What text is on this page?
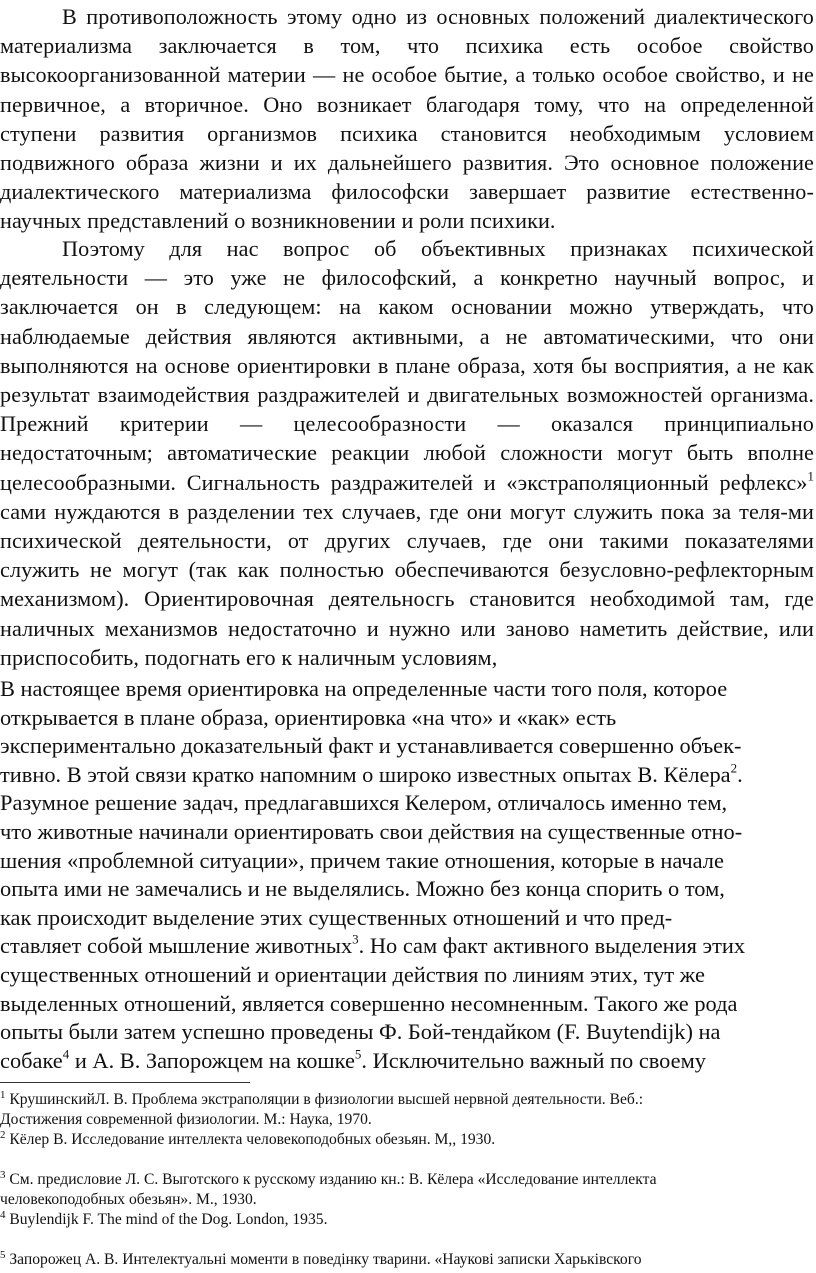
В противоположность этому одно из основных положений диалектического материализма заключается в том, что психика есть особое свойство высокоорганизованной материи — не особое бытие, а только особое свойство, и не первичное, а вторичное. Оно возникает благодаря тому, что на определенной ступени развития организмов психика становится необходимым условием подвижного образа жизни и их дальнейшего развития. Это основное положение диалектического материализма философски завершает развитие естественно-научных представлений о возникновении и роли психики.

Поэтому для нас вопрос об объективных признаках психической деятельности — это уже не философский, а конкретно научный вопрос, и заключается он в следующем: на каком основании можно утверждать, что наблюдаемые действия являются активными, а не автоматическими, что они выполняются на основе ориентировки в плане образа, хотя бы восприятия, а не как результат взаимодействия раздражителей и двигательных возможностей организма. Прежний критерии — целесообразности — оказался принципиально недостаточным; автоматические реакции любой сложности могут быть вполне целесообразными. Сигнальность раздражителей и «экстраполяционный рефлекс»$^1$ сами нуждаются в разделении тех случаев, где они могут служить пока за теля-ми психической деятельности, от других случаев, где они такими показателями служить не могут (так как полностью обеспечиваются безусловно-рефлекторным механизмом). Ориентировочная деятельносгь становится необходимой там, где наличных механизмов недостаточно и нужно или заново наметить действие, или приспособить, подогнать его к наличным условиям,

В настоящее время ориентировка на определенные части того поля, которое
открывается в плане образа, ориентировка «на что» и «как» есть
экспериментально доказательный факт и устанавливается совершенно объек-
тивно. В этой связи кратко напомним о широко известных опытах В. Кёлера$^2$.
Разумное решение задач, предлагавшихся Келером, отличалось именно тем,
что животные начинали ориентировать свои действия на существенные отно-
шения «проблемной ситуации», причем такие отношения, которые в начале
опыта ими не замечались и не выделялись. Можно без конца спорить о том,
как происходит выделение этих существенных отношений и что пред-
ставляет собой мышление животных$^3$. Но сам факт активного выделения этих
существенных отношений и ориентации действия по линиям этих, тут же
выделенных отношений, является совершенно несомненным. Такого же рода
опыты были затем успешно проведены Ф. Бой-тендайком (F. Buytendijk) на
собаке$^4$ и А. В. Запорожцем на кошке$^5$. Исключительно важный по своему

$^1$ КрушинскийЛ. В. Проблема экстраполяции в физиологии высшей нервной деятельности. Веб.:
Достижения современной физиологии. М.: Наука, 1970.

$^2$ Кёлер В. Исследование интеллекта человекоподобных обезьян. М,, 1930.

$^3$ См. предисловие Л. С. Выготского к русскому изданию кн.: В. Кёлера «Исследование интеллекта
человекоподобных обезьян». М., 1930.

$^4$ Buylendijk F. The mind of the Dog. London, 1935.

$^5$ Запорожец А. В. Интелектуальні моменти в поведінку тварини. «Наукові записки Харьківского
